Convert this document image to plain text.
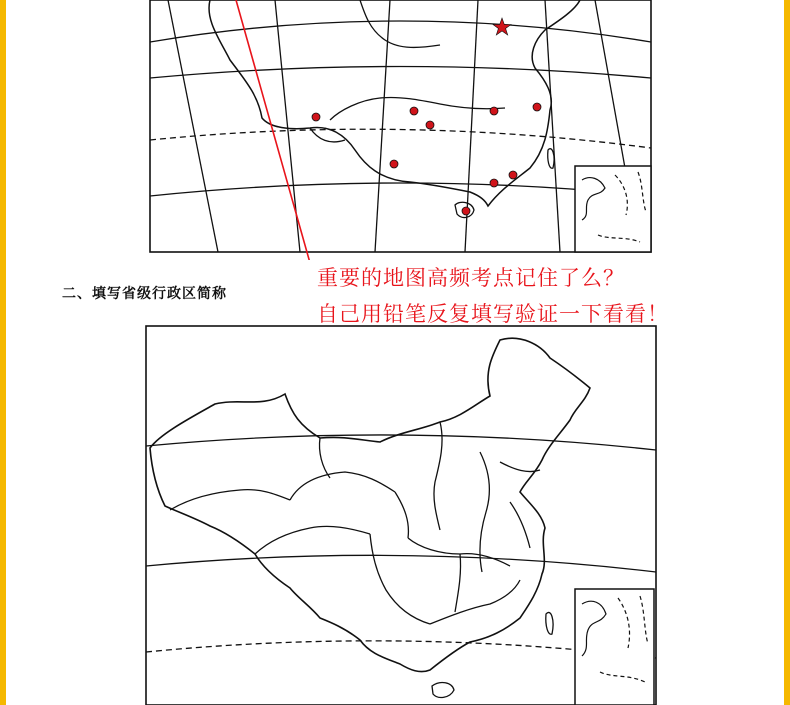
二、填写省级行政区简称
重要的地图高频考点记住了么？
自己用铅笔反复填写验证一下看看！
